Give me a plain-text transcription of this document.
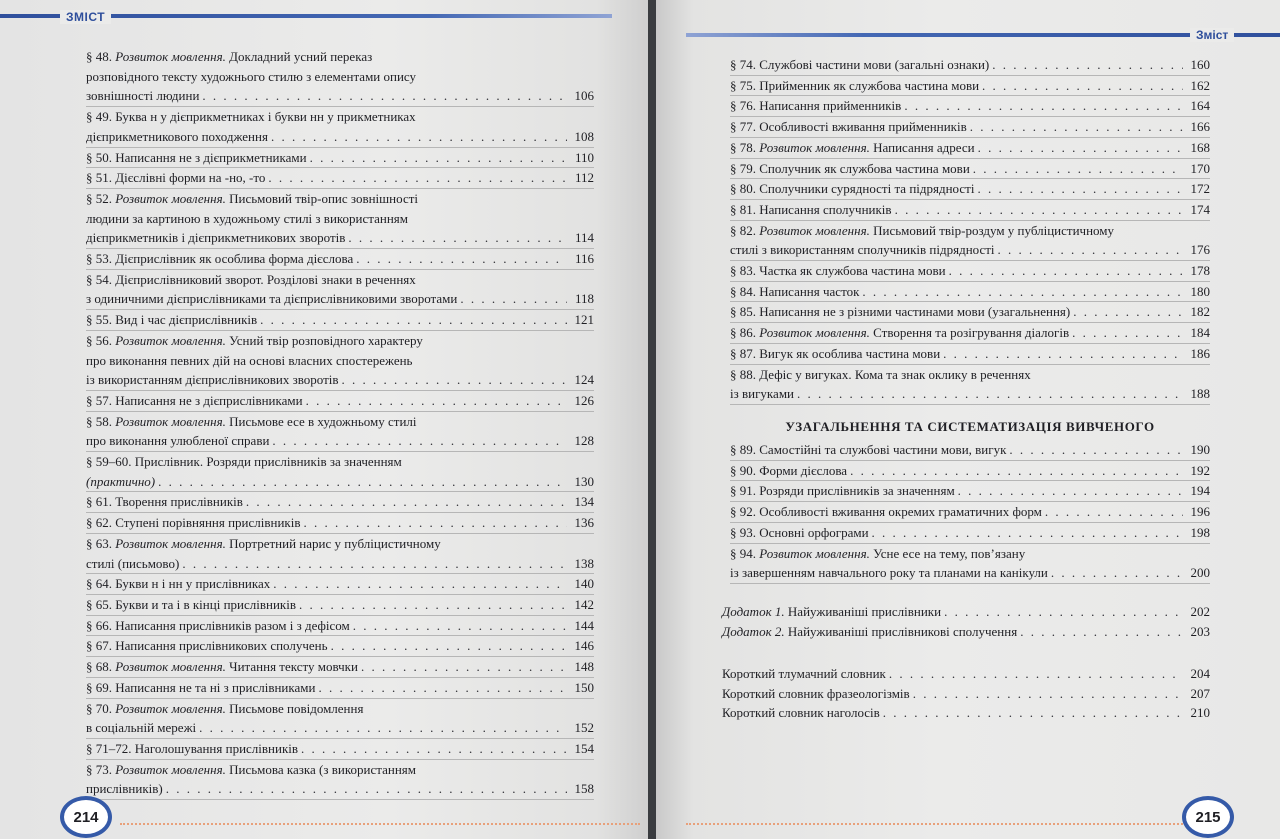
ЗМІСТ
§ 48. Розвиток мовлення. Докладний усний переказ
розповідного тексту художнього стилю з елементами опису
зовнішності людини . . .	106
§ 49. Буква н у дієприкметниках і букви нн у прикметниках
дієприкметникового походження . . .	108
§ 50. Написання не з дієприкметниками . . .	110
§ 51. Дієслівні форми на -но, -то . . .	112
§ 52. Розвиток мовлення. Письмовий твір-опис зовнішності
людини за картиною в художньому стилі з використанням
дієприкметників і дієприкметникових зворотів . . .	114
§ 53. Дієприслівник як особлива форма дієслова . . .	116
§ 54. Дієприслівниковий зворот. Розділові знаки в реченнях
з одиничними дієприслівниками та дієприслівниковими зворотами . . .	118
§ 55. Вид і час дієприслівників . . .	121
§ 56. Розвиток мовлення. Усний твір розповідного характеру
про виконання певних дій на основі власних спостережень
із використанням дієприслівникових зворотів . . .	124
§ 57. Написання не з дієприслівниками . . .	126
§ 58. Розвиток мовлення. Письмове есе в художньому стилі
про виконання улюбленої справи . . .	128
§ 59–60. Прислівник. Розряди прислівників за значенням
(практично) . . .	130
§ 61. Творення прислівників . . .	134
§ 62. Ступені порівняння прислівників . . .	136
§ 63. Розвиток мовлення. Портретний нарис у публіцистичному
стилі (письмово) . . .	138
§ 64. Букви н і нн у прислівниках . . .	140
§ 65. Букви и та і в кінці прислівників . . .	142
§ 66. Написання прислівників разом і з дефісом . . .	144
§ 67. Написання прислівникових сполучень . . .	146
§ 68. Розвиток мовлення. Читання тексту мовчки . . .	148
§ 69. Написання не та ні з прислівниками . . .	150
§ 70. Розвиток мовлення. Письмове повідомлення
в соціальній мережі . . .	152
§ 71–72. Наголошування прислівників . . .	154
§ 73. Розвиток мовлення. Письмова казка (з використанням
прислівників) . . .	158
214
Зміст
§ 74. Службові частини мови (загальні ознаки) . . .	160
§ 75. Прийменник як службова частина мови . . .	162
§ 76. Написання прийменників . . .	164
§ 77. Особливості вживання прийменників . . .	166
§ 78. Розвиток мовлення. Написання адреси . . .	168
§ 79. Сполучник як службова частина мови . . .	170
§ 80. Сполучники сурядності та підрядності . . .	172
§ 81. Написання сполучників . . .	174
§ 82. Розвиток мовлення. Письмовий твір-роздум у публіцистичному
стилі з використанням сполучників підрядності . . .	176
§ 83. Частка як службова частина мови . . .	178
§ 84. Написання часток . . .	180
§ 85. Написання не з різними частинами мови (узагальнення) . . .	182
§ 86. Розвиток мовлення. Створення та розігрування діалогів . . .	184
§ 87. Вигук як особлива частина мови . . .	186
§ 88. Дефіс у вигуках. Кома та знак оклику в реченнях
із вигуками . . .	188
УЗАГАЛЬНЕННЯ ТА СИСТЕМАТИЗАЦІЯ ВИВЧЕНОГО
§ 89. Самостійні та службові частини мови, вигук . . .	190
§ 90. Форми дієслова . . .	192
§ 91. Розряди прислівників за значенням . . .	194
§ 92. Особливості вживання окремих граматичних форм . . .	196
§ 93. Основні орфограми . . .	198
§ 94. Розвиток мовлення. Усне есе на тему, пов’язану
із завершенням навчального року та планами на канікули . . .	200
Додаток 1. Найуживаніші прислівники . . .	202
Додаток 2. Найуживаніші прислівникові сполучення . . .	203
Короткий тлумачний словник . . .	204
Короткий словник фразеологізмів . . .	207
Короткий словник наголосів . . .	210
215
